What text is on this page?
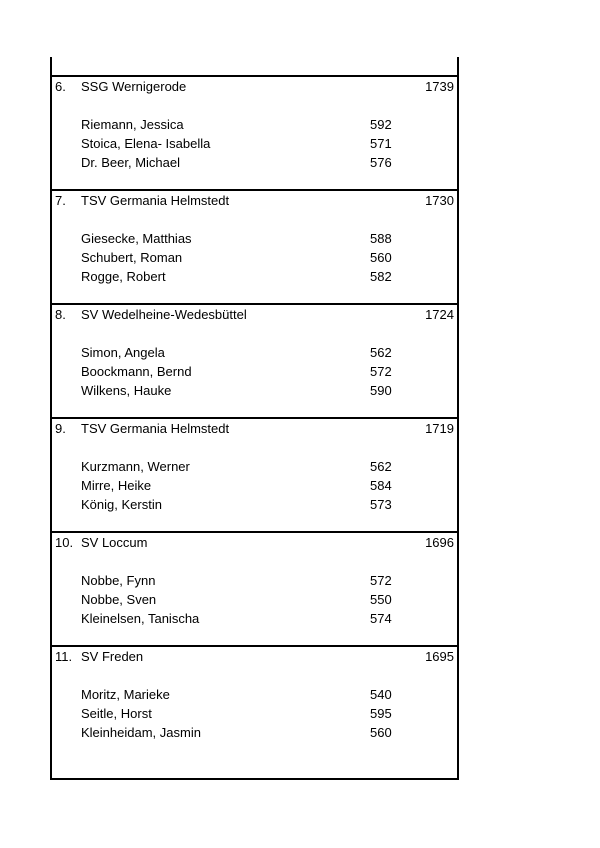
6. SSG Wernigerode	1739
Riemann, Jessica	592
Stoica, Elena- Isabella	571
Dr. Beer, Michael	576
7. TSV Germania Helmstedt	1730
Giesecke, Matthias	588
Schubert, Roman	560
Rogge, Robert	582
8. SV Wedelheine-Wedesbüttel	1724
Simon, Angela	562
Boockmann, Bernd	572
Wilkens, Hauke	590
9. TSV Germania Helmstedt	1719
Kurzmann, Werner	562
Mirre, Heike	584
König, Kerstin	573
10. SV Loccum	1696
Nobbe, Fynn	572
Nobbe, Sven	550
Kleinelsen, Tanischa	574
11. SV Freden	1695
Moritz, Marieke	540
Seitle, Horst	595
Kleinheidam, Jasmin	560
